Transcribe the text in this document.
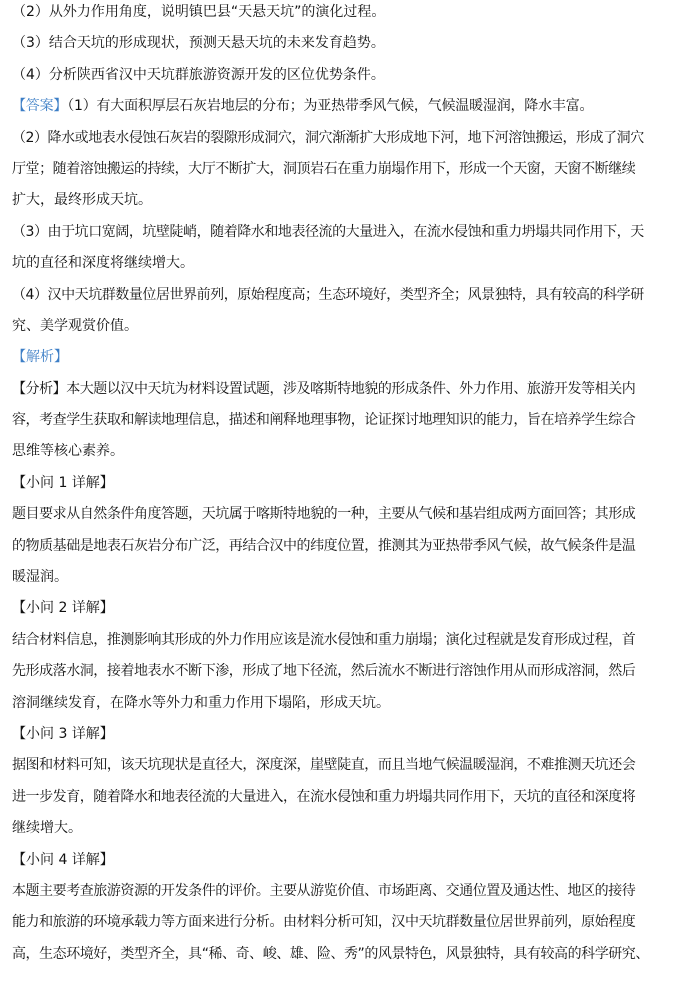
（2）从外力作用角度，说明镇巴县“天悬天坑”的演化过程。
（3）结合天坑的形成现状，预测天悬天坑的未来发育趋势。
（4）分析陕西省汉中天坑群旅游资源开发的区位优势条件。
【答案】（1）有大面积厚层石灰岩地层的分布；为亚热带季风气候，气候温暖湿润，降水丰富。
（2）降水或地表水侵蚀石灰岩的裂隙形成洞穴，洞穴渐渐扩大形成地下河，地下河溶蚀搬运，形成了洞穴
厅堂；随着溶蚀搬运的持续，大厅不断扩大，洞顶岩石在重力崩塌作用下，形成一个天窗，天窗不断继续
扩大，最终形成天坑。
（3）由于坑口宽阔，坑壁陡峭，随着降水和地表径流的大量进入，在流水侵蚀和重力坍塌共同作用下，天
坑的直径和深度将继续增大。
（4）汉中天坑群数量位居世界前列，原始程度高；生态环境好，类型齐全；风景独特，具有较高的科学研
究、美学观赏价值。
【解析】
【分析】本大题以汉中天坑为材料设置试题，涉及喀斯特地貌的形成条件、外力作用、旅游开发等相关内
容，考查学生获取和解读地理信息，描述和阐释地理事物，论证探讨地理知识的能力，旨在培养学生综合
思维等核心素养。
【小问 1 详解】
题目要求从自然条件角度答题，天坑属于喀斯特地貌的一种，主要从气候和基岩组成两方面回答；其形成
的物质基础是地表石灰岩分布广泛，再结合汉中的纬度位置，推测其为亚热带季风气候，故气候条件是温
暖湿润。
【小问 2 详解】
结合材料信息，推测影响其形成的外力作用应该是流水侵蚀和重力崩塌；演化过程就是发育形成过程，首
先形成落水洞，接着地表水不断下渗，形成了地下径流，然后流水不断进行溶蚀作用从而形成溶洞，然后
溶洞继续发育，在降水等外力和重力作用下塌陷，形成天坑。
【小问 3 详解】
据图和材料可知，该天坑现状是直径大，深度深，崖壁陡直，而且当地气候温暖湿润，不难推测天坑还会
进一步发育，随着降水和地表径流的大量进入，在流水侵蚀和重力坍塌共同作用下，天坑的直径和深度将
继续增大。
【小问 4 详解】
本题主要考查旅游资源的开发条件的评价。主要从游览价值、市场距离、交通位置及通达性、地区的接待
能力和旅游的环境承载力等方面来进行分析。由材料分析可知，汉中天坑群数量位居世界前列，原始程度
高，生态环境好，类型齐全，具“稀、奇、峻、雄、险、秀”的风景特色，风景独特，具有较高的科学研究、
